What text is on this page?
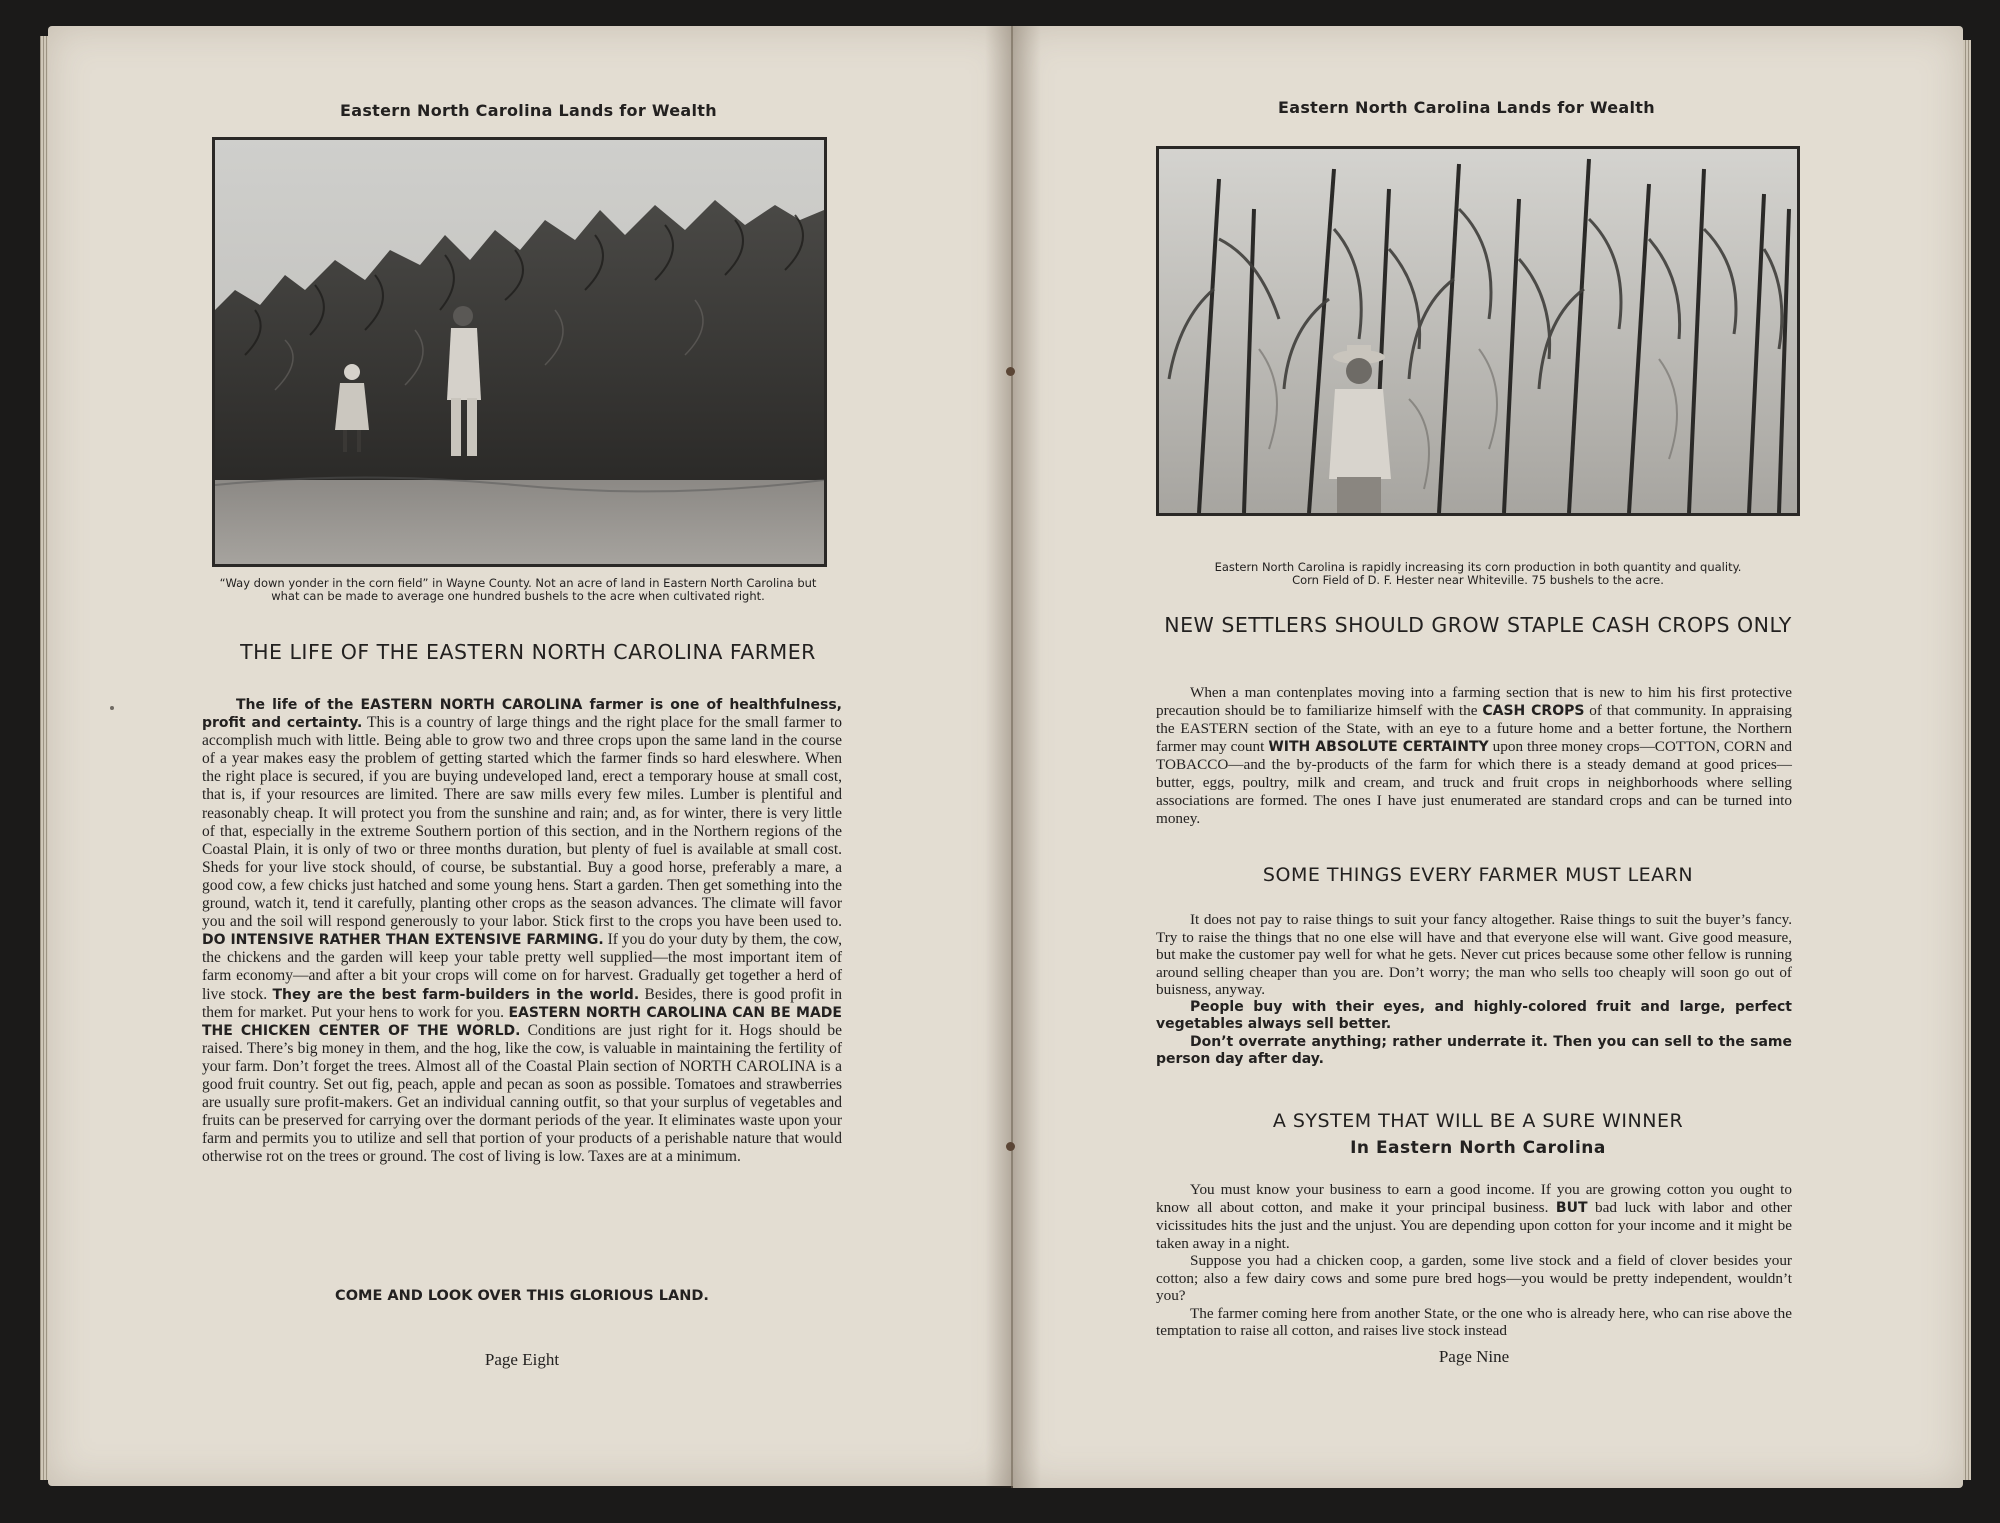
Eastern North Carolina Lands for Wealth
“Way down yonder in the corn field” in Wayne County. Not an acre of land in Eastern North Carolina but what can be made to average one hundred bushels to the acre when cultivated right.
THE LIFE OF THE EASTERN NORTH CAROLINA FARMER

The life of the EASTERN NORTH CAROLINA farmer is one of healthfulness, profit and certainty. This is a country of large things and the right place for the small farmer to accomplish much with little. Being able to grow two and three crops upon the same land in the course of a year makes easy the problem of getting started which the farmer finds so hard eleswhere. When the right place is secured, if you are buying undeveloped land, erect a temporary house at small cost, that is, if your resources are limited. There are saw mills every few miles. Lumber is plentiful and reasonably cheap. It will protect you from the sunshine and rain; and, as for winter, there is very little of that, especially in the extreme Southern portion of this section, and in the Northern regions of the Coastal Plain, it is only of two or three months duration, but plenty of fuel is available at small cost. Sheds for your live stock should, of course, be substantial. Buy a good horse, preferably a mare, a good cow, a few chicks just hatched and some young hens. Start a garden. Then get something into the ground, watch it, tend it carefully, planting other crops as the season advances. The climate will favor you and the soil will respond generously to your labor. Stick first to the crops you have been used to. DO INTENSIVE RATHER THAN EXTENSIVE FARMING. If you do your duty by them, the cow, the chickens and the garden will keep your table pretty well supplied—the most important item of farm economy—and after a bit your crops will come on for harvest. Gradually get together a herd of live stock. They are the best farm-builders in the world. Besides, there is good profit in them for market. Put your hens to work for you. EASTERN NORTH CAROLINA CAN BE MADE THE CHICKEN CENTER OF THE WORLD. Conditions are just right for it. Hogs should be raised. There’s big money in them, and the hog, like the cow, is valuable in maintaining the fertility of your farm. Don’t forget the trees. Almost all of the Coastal Plain section of NORTH CAROLINA is a good fruit country. Set out fig, peach, apple and pecan as soon as possible. Tomatoes and strawberries are usually sure profit-makers. Get an individual canning outfit, so that your surplus of vegetables and fruits can be preserved for carrying over the dormant periods of the year. It eliminates waste upon your farm and permits you to utilize and sell that portion of your products of a perishable nature that would otherwise rot on the trees or ground. The cost of living is low. Taxes are at a minimum.

COME AND LOOK OVER THIS GLORIOUS LAND.
Page Eight
Eastern North Carolina Lands for Wealth
Eastern North Carolina is rapidly increasing its corn production in both quantity and quality.
Corn Field of D. F. Hester near Whiteville. 75 bushels to the acre.
NEW SETTLERS SHOULD GROW STAPLE CASH CROPS ONLY

When a man contenplates moving into a farming section that is new to him his first protective precaution should be to familiarize himself with the CASH CROPS of that community. In appraising the EASTERN section of the State, with an eye to a future home and a better fortune, the Northern farmer may count WITH ABSOLUTE CERTAINTY upon three money crops—COTTON, CORN and TOBACCO—and the by-products of the farm for which there is a steady demand at good prices—butter, eggs, poultry, milk and cream, and truck and fruit crops in neighborhoods where selling associations are formed. The ones I have just enumerated are standard crops and can be turned into money.

SOME THINGS EVERY FARMER MUST LEARN

It does not pay to raise things to suit your fancy altogether. Raise things to suit the buyer’s fancy. Try to raise the things that no one else will have and that everyone else will want. Give good measure, but make the customer pay well for what he gets. Never cut prices because some other fellow is running around selling cheaper than you are. Don’t worry; the man who sells too cheaply will soon go out of buisness, anyway.

People buy with their eyes, and highly-colored fruit and large, perfect vegetables always sell better.

Don’t overrate anything; rather underrate it. Then you can sell to the same person day after day.

A SYSTEM THAT WILL BE A SURE WINNER
In Eastern North Carolina

You must know your business to earn a good income. If you are growing cotton you ought to know all about cotton, and make it your principal business. BUT bad luck with labor and other vicissitudes hits the just and the unjust. You are depending upon cotton for your income and it might be taken away in a night.

Suppose you had a chicken coop, a garden, some live stock and a field of clover besides your cotton; also a few dairy cows and some pure bred hogs—you would be pretty independent, wouldn’t you?

The farmer coming here from another State, or the one who is already here, who can rise above the temptation to raise all cotton, and raises live stock instead

Page Nine
